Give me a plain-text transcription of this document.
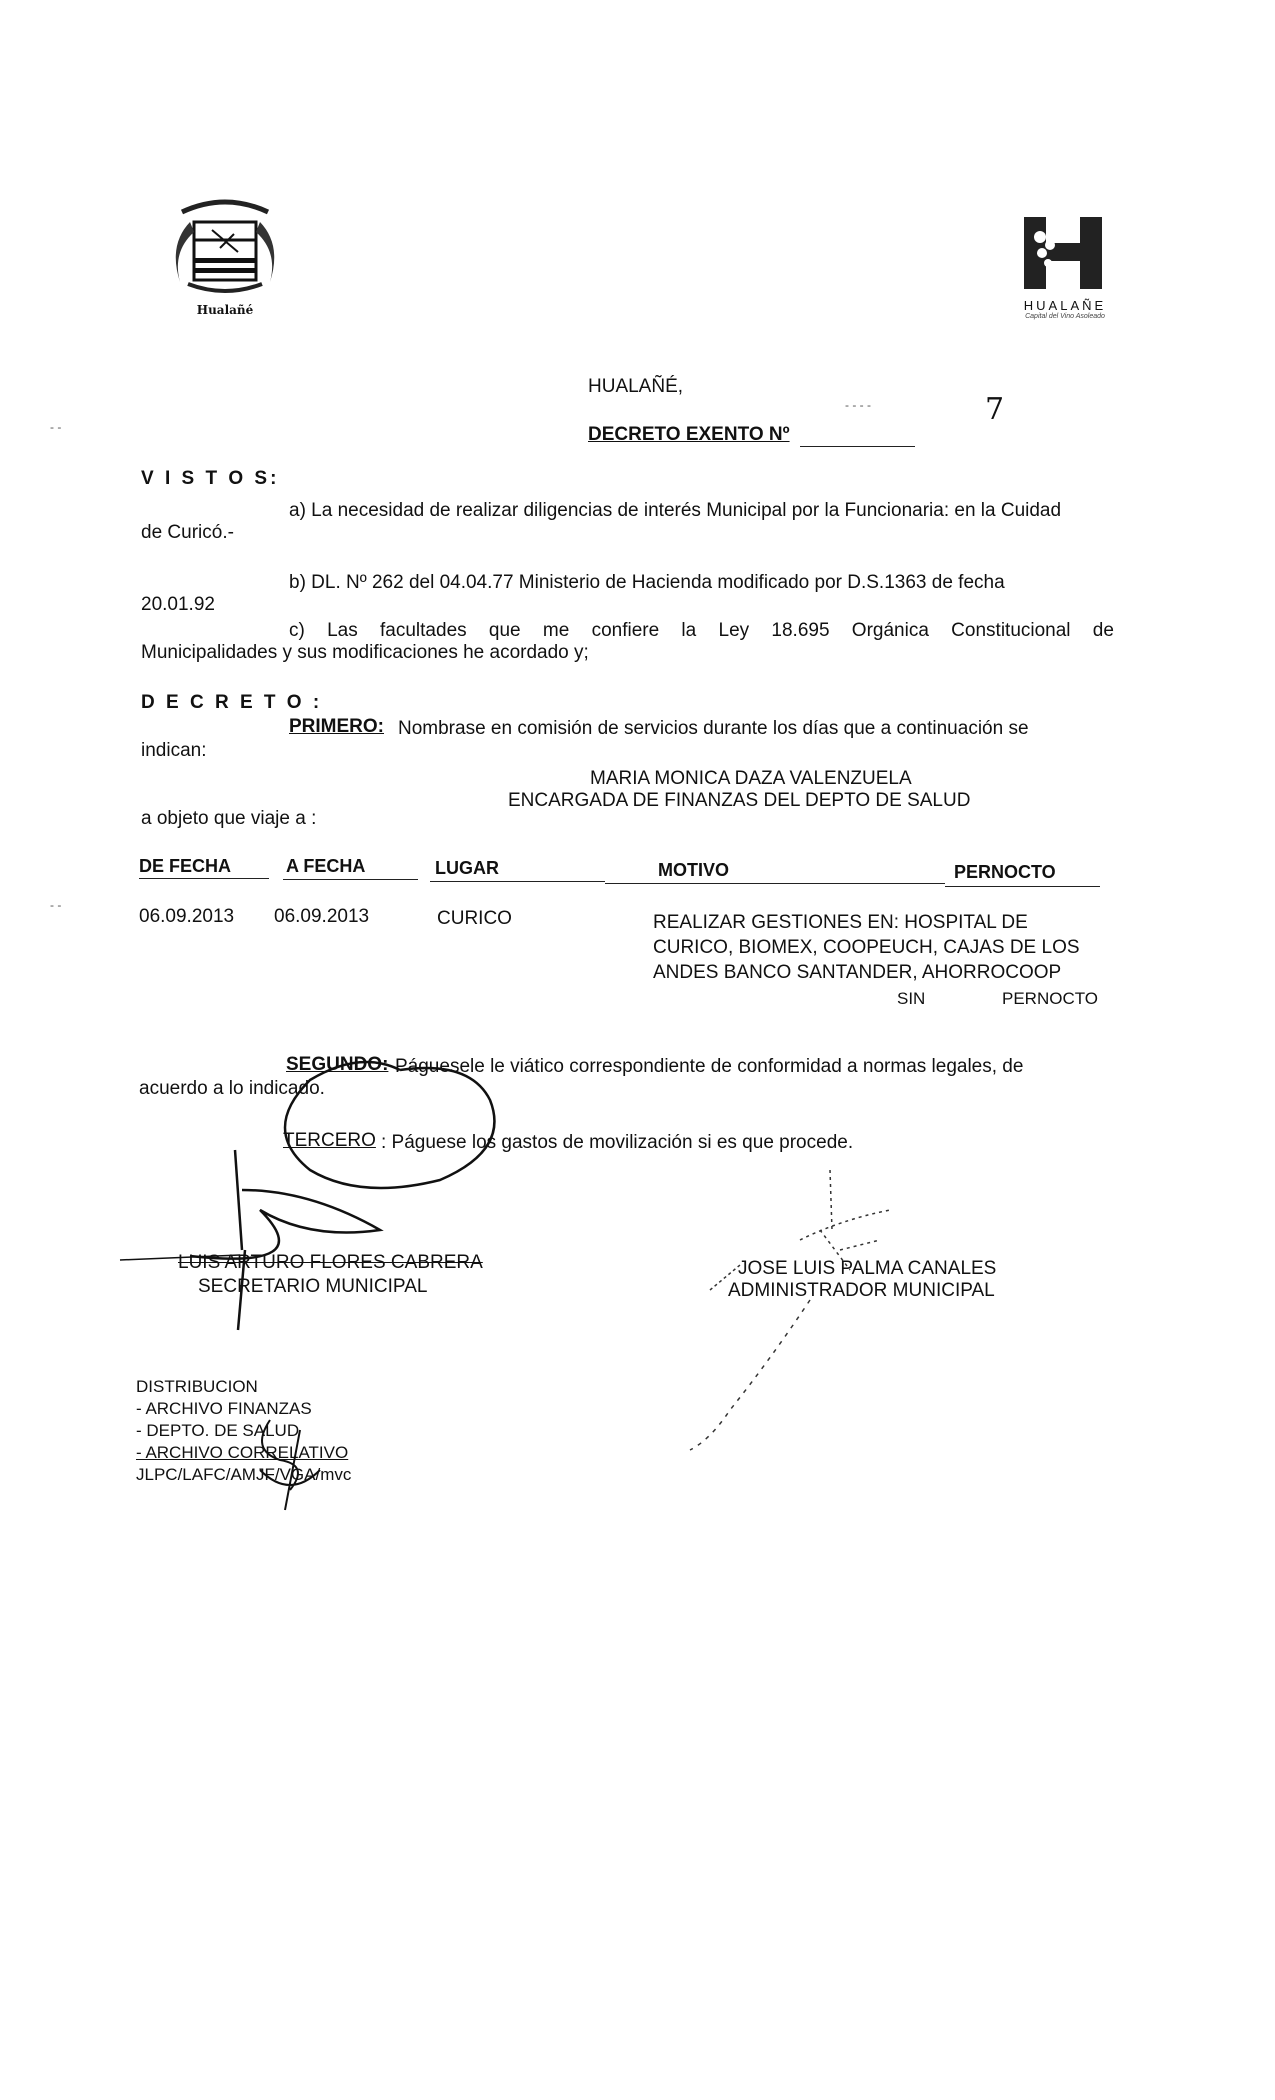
Hualañé	HUALAÑE
Capital del Vino Asoleado
HUALAÑÉ,
DECRETO EXENTO Nº
7
- - - -
V I S T O S:
a) La necesidad de realizar diligencias de interés Municipal por la Funcionaria: en la Cuidad
de Curicó.-
b) DL. Nº 262 del 04.04.77 Ministerio de Hacienda modificado por D.S.1363 de fecha
20.01.92
c) Las facultades que me confiere la Ley 18.695 Orgánica Constitucional de
Municipalidades y sus modificaciones he acordado y;
D E C R E T O :
PRIMERO: Nombrase en comisión de servicios durante los días que a continuación se
indican:
MARIA MONICA DAZA VALENZUELA
ENCARGADA DE FINANZAS DEL DEPTO DE SALUD
a objeto que viaje a :
DE FECHA	A FECHA	LUGAR	MOTIVO	PERNOCTO
06.09.2013 06.09.2013	CURICO	REALIZAR GESTIONES EN: HOSPITAL DE
CURICO, BIOMEX, COOPEUCH, CAJAS DE LOS
ANDES BANCO SANTANDER, AHORROCOOP
SIN	PERNOCTO
SEGUNDO: Páguesele le viático correspondiente de conformidad a normas legales, de
acuerdo a lo indicado.
TERCERO : Páguese los gastos de movilización si es que procede.
LUIS ARTURO FLORES CABRERA
SECRETARIO MUNICIPAL
JOSE LUIS PALMA CANALES
ADMINISTRADOR MUNICIPAL
DISTRIBUCION
- ARCHIVO FINANZAS
- DEPTO. DE SALUD
- ARCHIVO CORRELATIVO
JLPC/LAFC/AMJF/VGA/mvc
- -
- -
